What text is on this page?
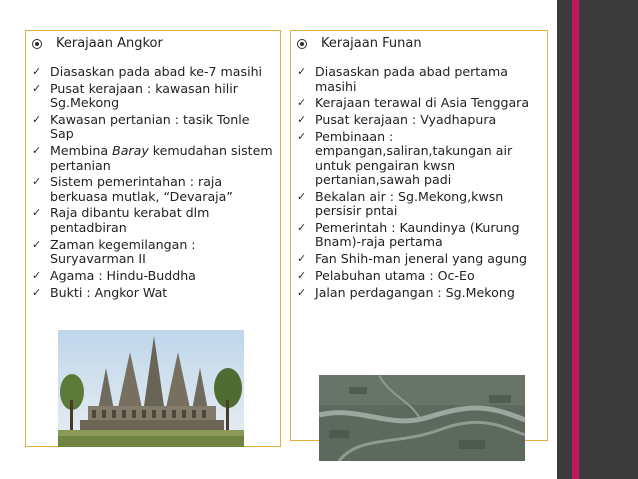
Kerajaan Angkor
✓ Diasaskan pada abad ke-7 masihi
✓ Pusat kerajaan : kawasan hilir Sg.Mekong
✓ Kawasan pertanian : tasik Tonle Sap
✓ Membina Baray kemudahan sistem pertanian
✓ Sistem pemerintahan : raja berkuasa mutlak, “Devaraja”
✓ Raja dibantu kerabat dlm pentadbiran
✓ Zaman kegemilangan : Suryavarman II
✓ Agama : Hindu-Buddha
✓ Bukti : Angkor Wat
Kerajaan Funan
✓ Diasaskan pada abad pertama masihi
✓ Kerajaan terawal di Asia Tenggara
✓ Pusat kerajaan : Vyadhapura
✓ Pembinaan : empangan,saliran,takungan air untuk pengairan kwsn pertanian,sawah padi
✓ Bekalan air : Sg.Mekong,kwsn persisir pntai
✓ Pemerintah : Kaundinya (Kurung Bnam)-raja pertama
✓ Fan Shih-man jeneral yang agung
✓ Pelabuhan utama : Oc-Eo
✓ Jalan perdagangan : Sg.Mekong
